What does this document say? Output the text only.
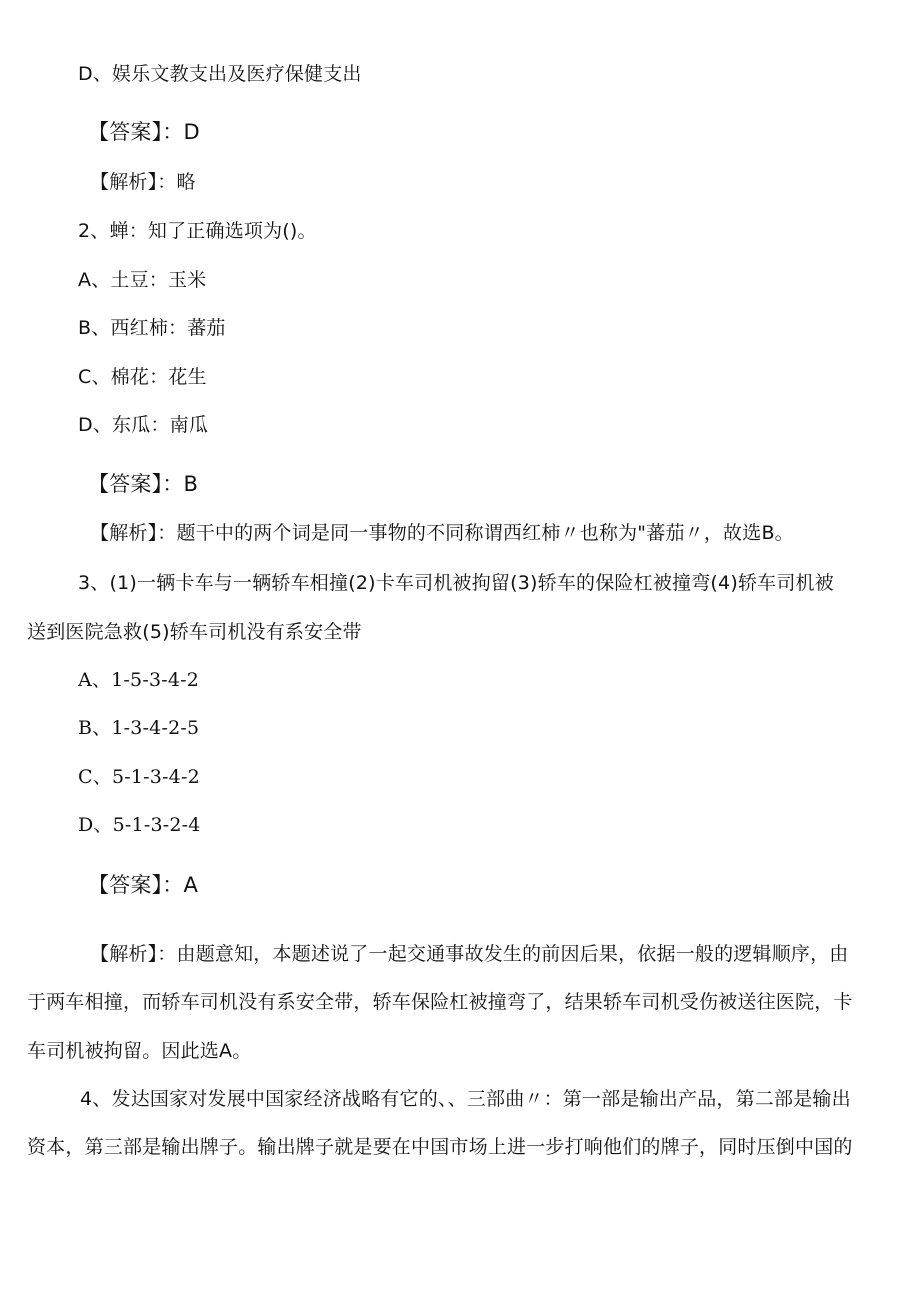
D、娱乐文教支出及医疗保健支出
【答案】：D
【解析】：略
2、蝉：知了正确选项为()。
A、土豆：玉米
B、西红柿：蕃茄
C、棉花：花生
D、东瓜：南瓜
【答案】：B
【解析】：题干中的两个词是同一事物的不同称谓西红柿〃也称为"蕃茄〃，故选B。
3、(1)一辆卡车与一辆轿车相撞(2)卡车司机被拘留(3)轿车的保险杠被撞弯(4)轿车司机被
送到医院急救(5)轿车司机没有系安全带
A、1-5-3-4-2
B、1-3-4-2-5
C、5-1-3-4-2
D、5-1-3-2-4
【答案】：A
【解析】：由题意知，本题述说了一起交通事故发生的前因后果，依据一般的逻辑顺序，由
于两车相撞，而轿车司机没有系安全带，轿车保险杠被撞弯了，结果轿车司机受伤被送往医院，卡
车司机被拘留。因此选A。
4、发达国家对发展中国家经济战略有它的、、三部曲〃：第一部是输出产品，第二部是输出
资本，第三部是输出牌子。输出牌子就是要在中国市场上进一步打响他们的牌子，同时压倒中国的
